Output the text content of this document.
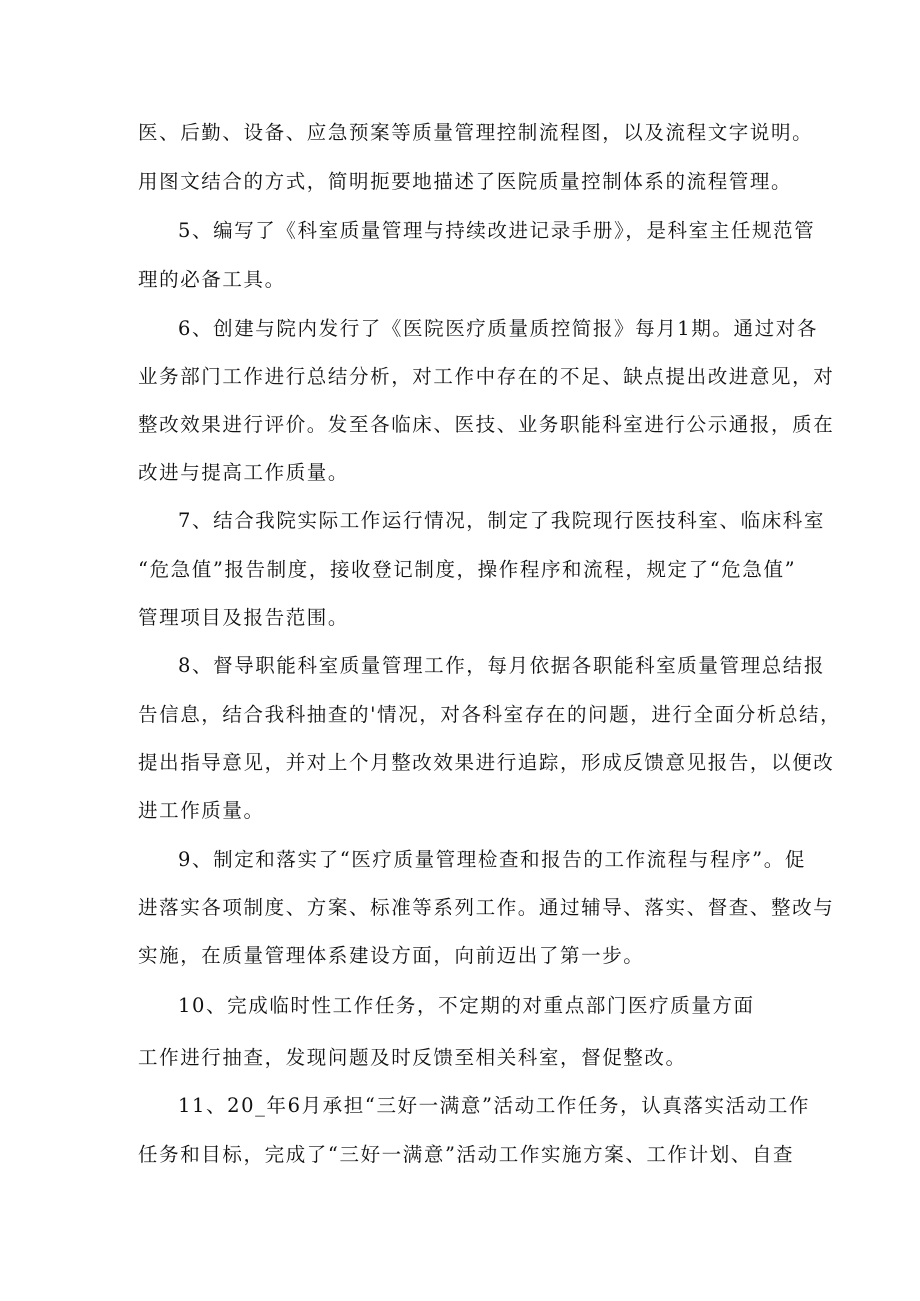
医、后勤、设备、应急预案等质量管理控制流程图，以及流程文字说明。
用图文结合的方式，简明扼要地描述了医院质量控制体系的流程管理。
5、编写了《科室质量管理与持续改进记录手册》，是科室主任规范管
理的必备工具。
6、创建与院内发行了《医院医疗质量质控简报》每月1期。通过对各
业务部门工作进行总结分析，对工作中存在的不足、缺点提出改进意见，对
整改效果进行评价。发至各临床、医技、业务职能科室进行公示通报，质在
改进与提高工作质量。
7、结合我院实际工作运行情况，制定了我院现行医技科室、临床科室
“危急值”报告制度，接收登记制度，操作程序和流程，规定了“危急值”
管理项目及报告范围。
8、督导职能科室质量管理工作，每月依据各职能科室质量管理总结报
告信息，结合我科抽查的'情况，对各科室存在的问题，进行全面分析总结，
提出指导意见，并对上个月整改效果进行追踪，形成反馈意见报告，以便改
进工作质量。
9、制定和落实了“医疗质量管理检查和报告的工作流程与程序”。促
进落实各项制度、方案、标准等系列工作。通过辅导、落实、督查、整改与
实施，在质量管理体系建设方面，向前迈出了第一步。
10、完成临时性工作任务，不定期的对重点部门医疗质量方面
工作进行抽查，发现问题及时反馈至相关科室，督促整改。
11、20_年6月承担“三好一满意”活动工作任务，认真落实活动工作
任务和目标，完成了“三好一满意”活动工作实施方案、工作计划、自查
